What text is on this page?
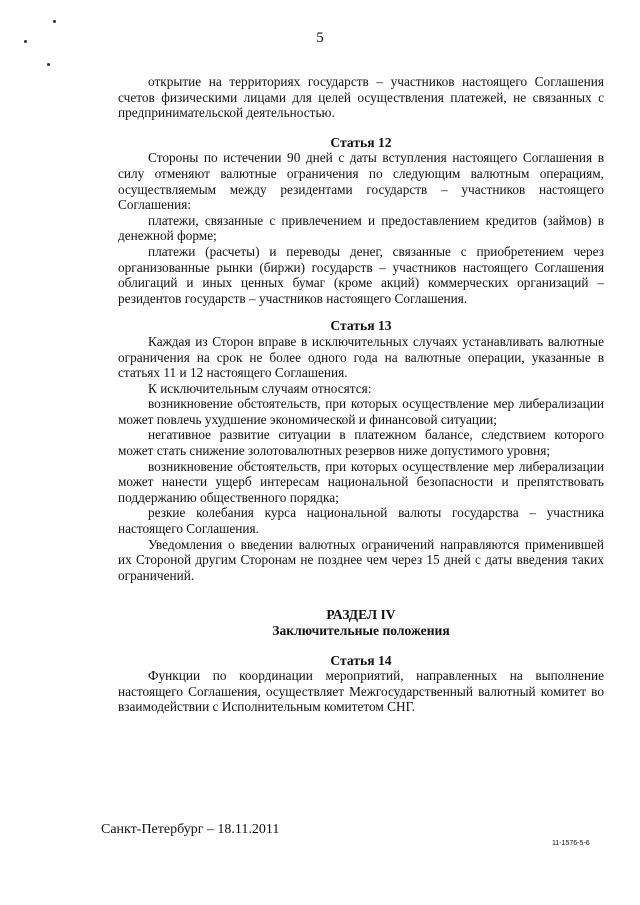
5

открытие на территориях государств – участников настоящего Соглашения счетов физическими лицами для целей осуществления платежей, не связанных с предпринимательской деятельностью.

Статья 12

Стороны по истечении 90 дней с даты вступления настоящего Соглашения в силу отменяют валютные ограничения по следующим валютным операциям, осуществляемым между резидентами государств – участников настоящего Соглашения:

платежи, связанные с привлечением и предоставлением кредитов (займов) в денежной форме;

платежи (расчеты) и переводы денег, связанные с приобретением через организованные рынки (биржи) государств – участников настоящего Соглашения облигаций и иных ценных бумаг (кроме акций) коммерческих организаций – резидентов государств – участников настоящего Соглашения.

Статья 13

Каждая из Сторон вправе в исключительных случаях устанавливать валютные ограничения на срок не более одного года на валютные операции, указанные в статьях 11 и 12 настоящего Соглашения.

К исключительным случаям относятся:

возникновение обстоятельств, при которых осуществление мер либерализации может повлечь ухудшение экономической и финансовой ситуации;

негативное развитие ситуации в платежном балансе, следствием которого может стать снижение золотовалютных резервов ниже допустимого уровня;

возникновение обстоятельств, при которых осуществление мер либерализации может нанести ущерб интересам национальной безопасности и препятствовать поддержанию общественного порядка;

резкие колебания курса национальной валюты государства – участника настоящего Соглашения.

Уведомления о введении валютных ограничений направляются применившей их Стороной другим Сторонам не позднее чем через 15 дней с даты введения таких ограничений.

РАЗДЕЛ IV

Заключительные положения

Статья 14

Функции по координации мероприятий, направленных на выполнение настоящего Соглашения, осуществляет Межгосударственный валютный комитет во взаимодействии с Исполнительным комитетом СНГ.

Санкт-Петербург – 18.11.2011
11-1576-5-6
